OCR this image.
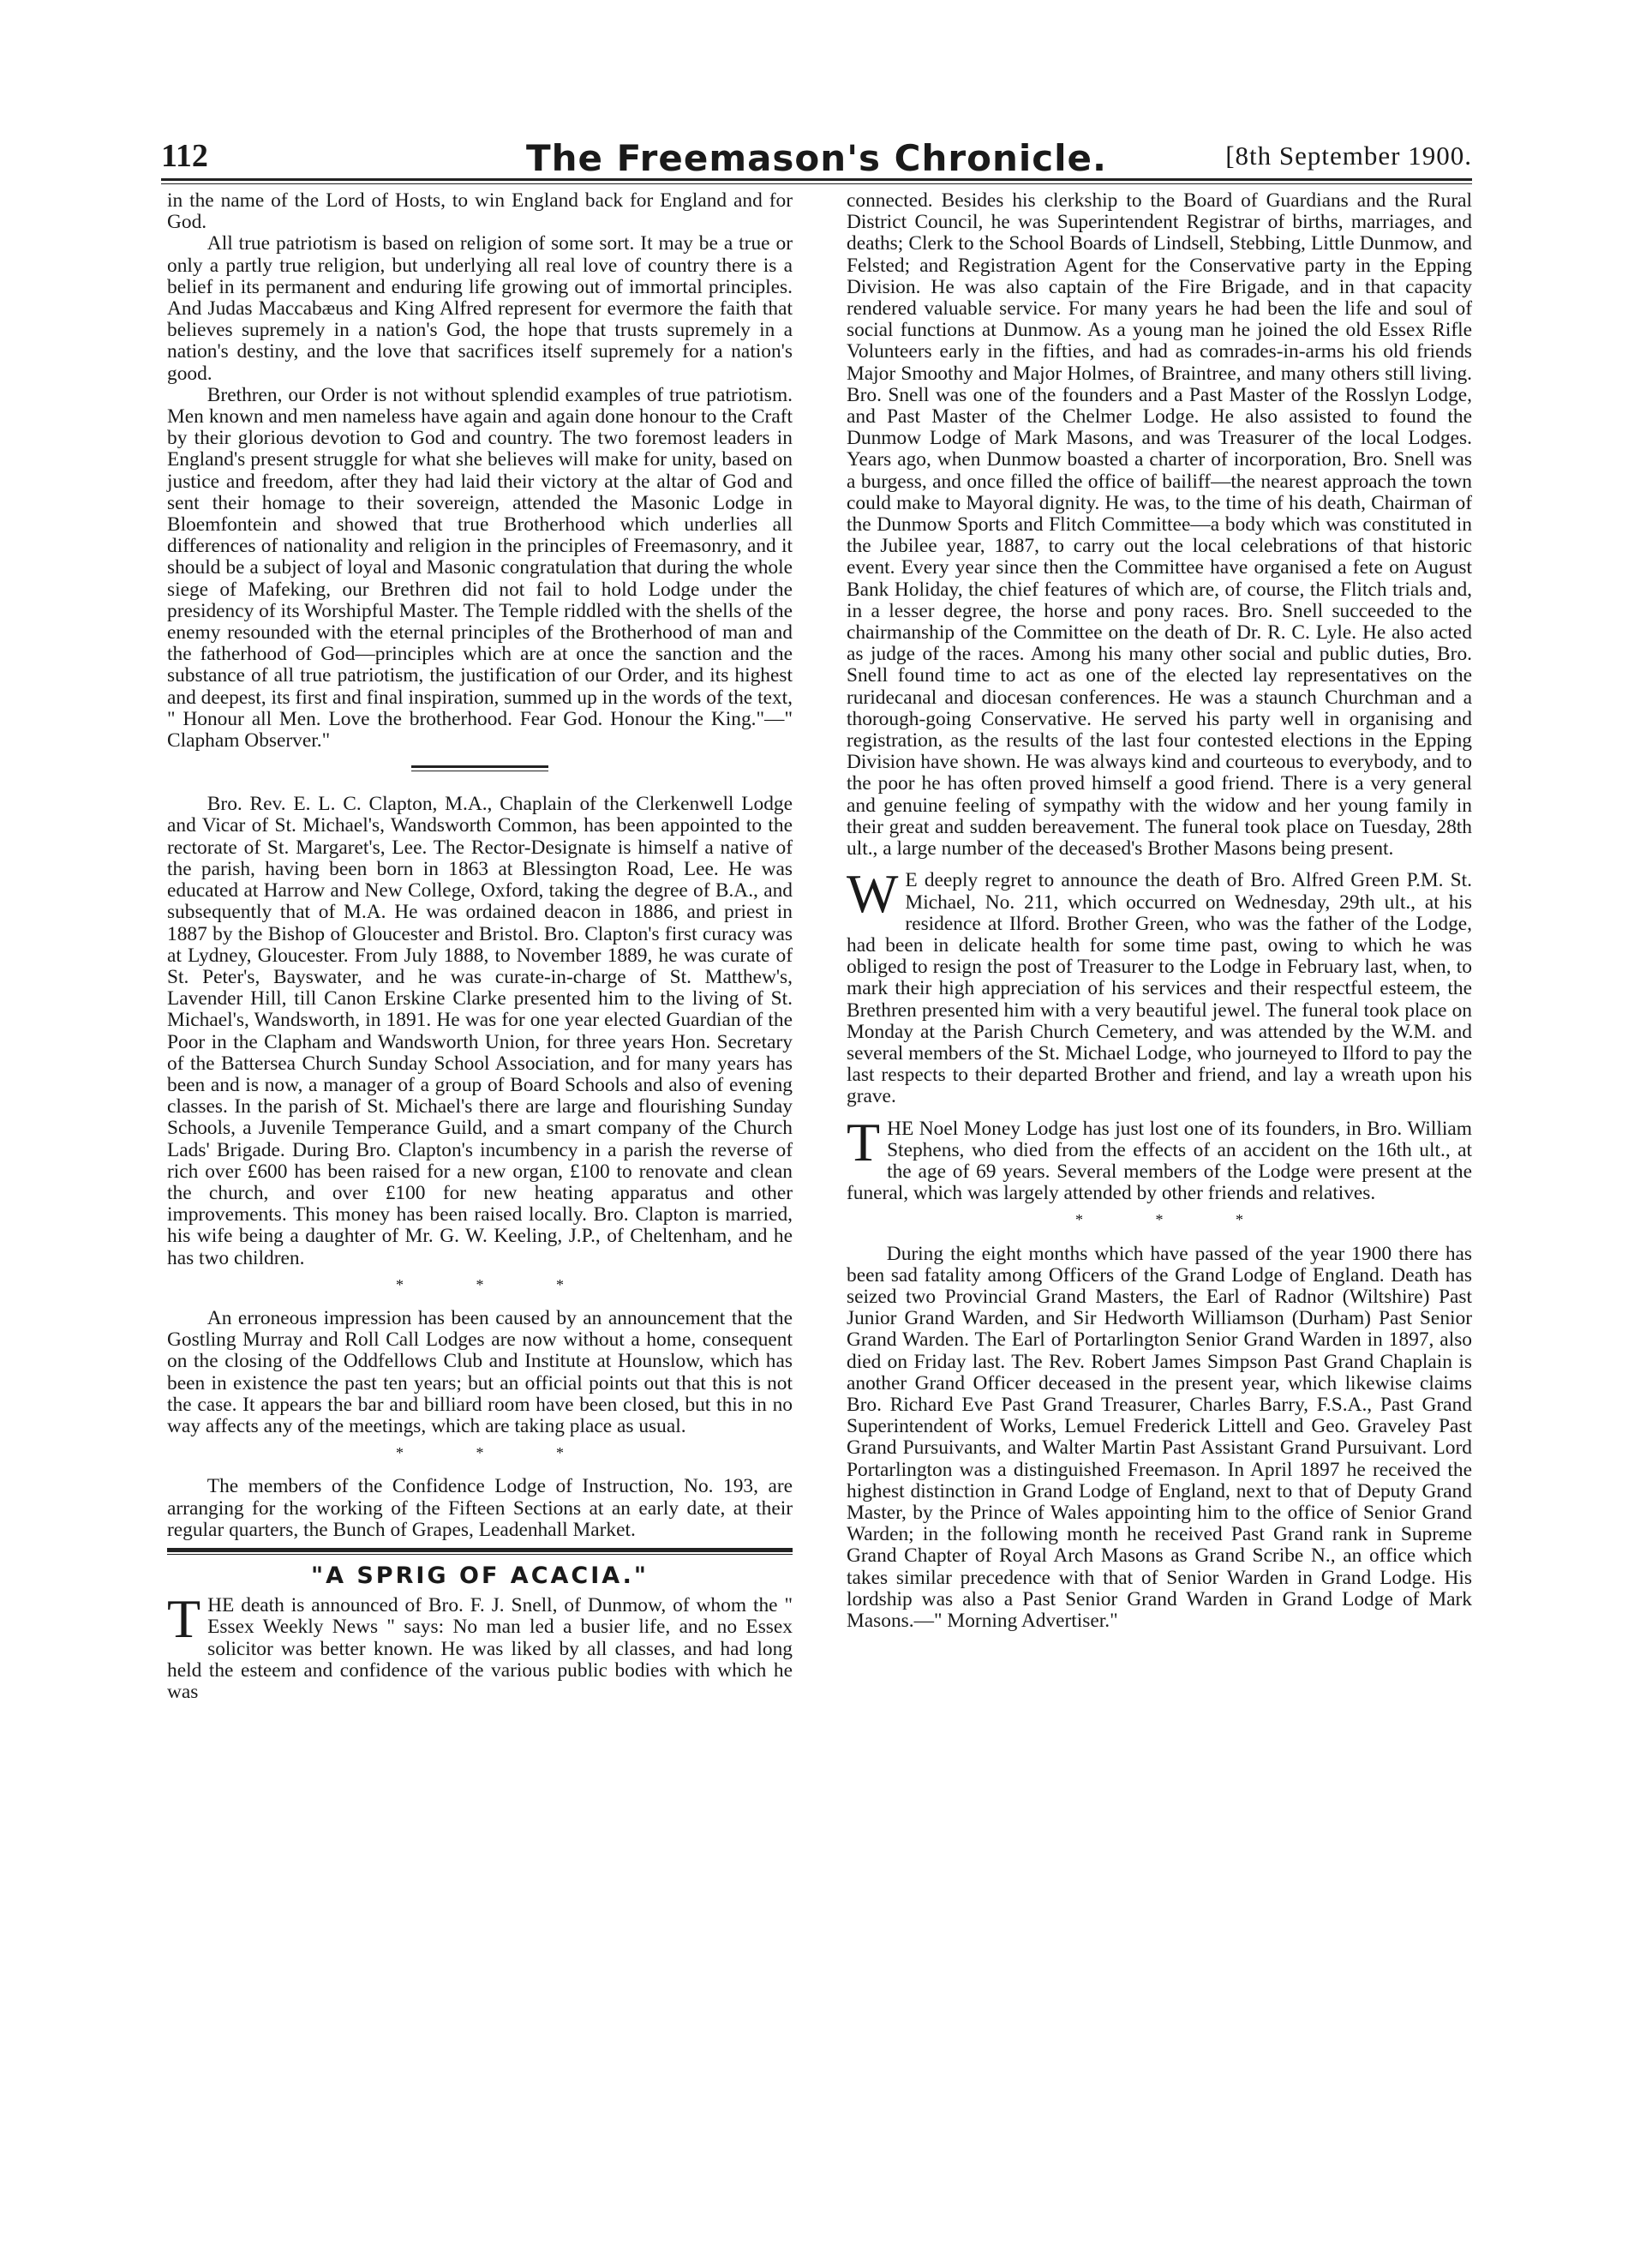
112	The Freemason's Chronicle.	[8th September 1900.

in the name of the Lord of Hosts, to win England back for England and for God.

All true patriotism is based on religion of some sort. It may be a true or only a partly true religion, but underlying all real love of country there is a belief in its permanent and enduring life growing out of immortal principles. And Judas Maccabæus and King Alfred represent for evermore the faith that believes supremely in a nation's God, the hope that trusts supremely in a nation's destiny, and the love that sacrifices itself supremely for a nation's good.

Brethren, our Order is not without splendid examples of true patriotism. Men known and men nameless have again and again done honour to the Craft by their glorious devotion to God and country. The two foremost leaders in England's present struggle for what she believes will make for unity, based on justice and freedom, after they had laid their victory at the altar of God and sent their homage to their sovereign, attended the Masonic Lodge in Bloemfontein and showed that true Brotherhood which underlies all differences of nationality and religion in the principles of Freemasonry, and it should be a subject of loyal and Masonic congratulation that during the whole siege of Mafeking, our Brethren did not fail to hold Lodge under the presidency of its Worshipful Master. The Temple riddled with the shells of the enemy resounded with the eternal principles of the Brotherhood of man and the fatherhood of God—principles which are at once the sanction and the substance of all true patriotism, the justification of our Order, and its highest and deepest, its first and final inspiration, summed up in the words of the text, " Honour all Men. Love the brotherhood. Fear God. Honour the King."—" Clapham Observer."

Bro. Rev. E. L. C. Clapton, M.A., Chaplain of the Clerkenwell Lodge and Vicar of St. Michael's, Wandsworth Common, has been appointed to the rectorate of St. Margaret's, Lee. The Rector-Designate is himself a native of the parish, having been born in 1863 at Blessington Road, Lee. He was educated at Harrow and New College, Oxford, taking the degree of B.A., and subsequently that of M.A. He was ordained deacon in 1886, and priest in 1887 by the Bishop of Gloucester and Bristol. Bro. Clapton's first curacy was at Lydney, Gloucester. From July 1888, to November 1889, he was curate of St. Peter's, Bayswater, and he was curate-in-charge of St. Matthew's, Lavender Hill, till Canon Erskine Clarke presented him to the living of St. Michael's, Wandsworth, in 1891. He was for one year elected Guardian of the Poor in the Clapham and Wandsworth Union, for three years Hon. Secretary of the Battersea Church Sunday School Association, and for many years has been and is now, a manager of a group of Board Schools and also of evening classes. In the parish of St. Michael's there are large and flourishing Sunday Schools, a Juvenile Temperance Guild, and a smart company of the Church Lads' Brigade. During Bro. Clapton's incumbency in a parish the reverse of rich over £600 has been raised for a new organ, £100 to renovate and clean the church, and over £100 for new heating apparatus and other improvements. This money has been raised locally. Bro. Clapton is married, his wife being a daughter of Mr. G. W. Keeling, J.P., of Cheltenham, and he has two children.

* * *

An erroneous impression has been caused by an announcement that the Gostling Murray and Roll Call Lodges are now without a home, consequent on the closing of the Oddfellows Club and Institute at Hounslow, which has been in existence the past ten years; but an official points out that this is not the case. It appears the bar and billiard room have been closed, but this in no way affects any of the meetings, which are taking place as usual.

* * *

The members of the Confidence Lodge of Instruction, No. 193, are arranging for the working of the Fifteen Sections at an early date, at their regular quarters, the Bunch of Grapes, Leadenhall Market.

"A SPRIG OF ACACIA."

THE death is announced of Bro. F. J. Snell, of Dunmow, of whom the " Essex Weekly News " says: No man led a busier life, and no Essex solicitor was better known. He was liked by all classes, and had long held the esteem and confidence of the various public bodies with which he was

connected. Besides his clerkship to the Board of Guardians and the Rural District Council, he was Superintendent Registrar of births, marriages, and deaths; Clerk to the School Boards of Lindsell, Stebbing, Little Dunmow, and Felsted; and Registration Agent for the Conservative party in the Epping Division. He was also captain of the Fire Brigade, and in that capacity rendered valuable service. For many years he had been the life and soul of social functions at Dunmow. As a young man he joined the old Essex Rifle Volunteers early in the fifties, and had as comrades-in-arms his old friends Major Smoothy and Major Holmes, of Braintree, and many others still living. Bro. Snell was one of the founders and a Past Master of the Rosslyn Lodge, and Past Master of the Chelmer Lodge. He also assisted to found the Dunmow Lodge of Mark Masons, and was Treasurer of the local Lodges. Years ago, when Dunmow boasted a charter of incorporation, Bro. Snell was a burgess, and once filled the office of bailiff—the nearest approach the town could make to Mayoral dignity. He was, to the time of his death, Chairman of the Dunmow Sports and Flitch Committee—a body which was constituted in the Jubilee year, 1887, to carry out the local celebrations of that historic event. Every year since then the Committee have organised a fete on August Bank Holiday, the chief features of which are, of course, the Flitch trials and, in a lesser degree, the horse and pony races. Bro. Snell succeeded to the chairmanship of the Committee on the death of Dr. R. C. Lyle. He also acted as judge of the races. Among his many other social and public duties, Bro. Snell found time to act as one of the elected lay representatives on the ruridecanal and diocesan conferences. He was a staunch Churchman and a thorough-going Conservative. He served his party well in organising and registration, as the results of the last four contested elections in the Epping Division have shown. He was always kind and courteous to everybody, and to the poor he has often proved himself a good friend. There is a very general and genuine feeling of sympathy with the widow and her young family in their great and sudden bereavement. The funeral took place on Tuesday, 28th ult., a large number of the deceased's Brother Masons being present.

W E deeply regret to announce the death of Bro. Alfred Green P.M. St. Michael, No. 211, which occurred on Wednesday, 29th ult., at his residence at Ilford. Brother Green, who was the father of the Lodge, had been in delicate health for some time past, owing to which he was obliged to resign the post of Treasurer to the Lodge in February last, when, to mark their high appreciation of his services and their respectful esteem, the Brethren presented him with a very beautiful jewel. The funeral took place on Monday at the Parish Church Cemetery, and was attended by the W.M. and several members of the St. Michael Lodge, who journeyed to Ilford to pay the last respects to their departed Brother and friend, and lay a wreath upon his grave.

THE Noel Money Lodge has just lost one of its founders, in Bro. William Stephens, who died from the effects of an accident on the 16th ult., at the age of 69 years. Several members of the Lodge were present at the funeral, which was largely attended by other friends and relatives.

* * *

During the eight months which have passed of the year 1900 there has been sad fatality among Officers of the Grand Lodge of England. Death has seized two Provincial Grand Masters, the Earl of Radnor (Wiltshire) Past Junior Grand Warden, and Sir Hedworth Williamson (Durham) Past Senior Grand Warden. The Earl of Portarlington Senior Grand Warden in 1897, also died on Friday last. The Rev. Robert James Simpson Past Grand Chaplain is another Grand Officer deceased in the present year, which likewise claims Bro. Richard Eve Past Grand Treasurer, Charles Barry, F.S.A., Past Grand Superintendent of Works, Lemuel Frederick Littell and Geo. Graveley Past Grand Pursuivants, and Walter Martin Past Assistant Grand Pursuivant. Lord Portarlington was a distinguished Freemason. In April 1897 he received the highest distinction in Grand Lodge of England, next to that of Deputy Grand Master, by the Prince of Wales appointing him to the office of Senior Grand Warden; in the following month he received Past Grand rank in Supreme Grand Chapter of Royal Arch Masons as Grand Scribe N., an office which takes similar precedence with that of Senior Warden in Grand Lodge. His lordship was also a Past Senior Grand Warden in Grand Lodge of Mark Masons.—" Morning Advertiser."
